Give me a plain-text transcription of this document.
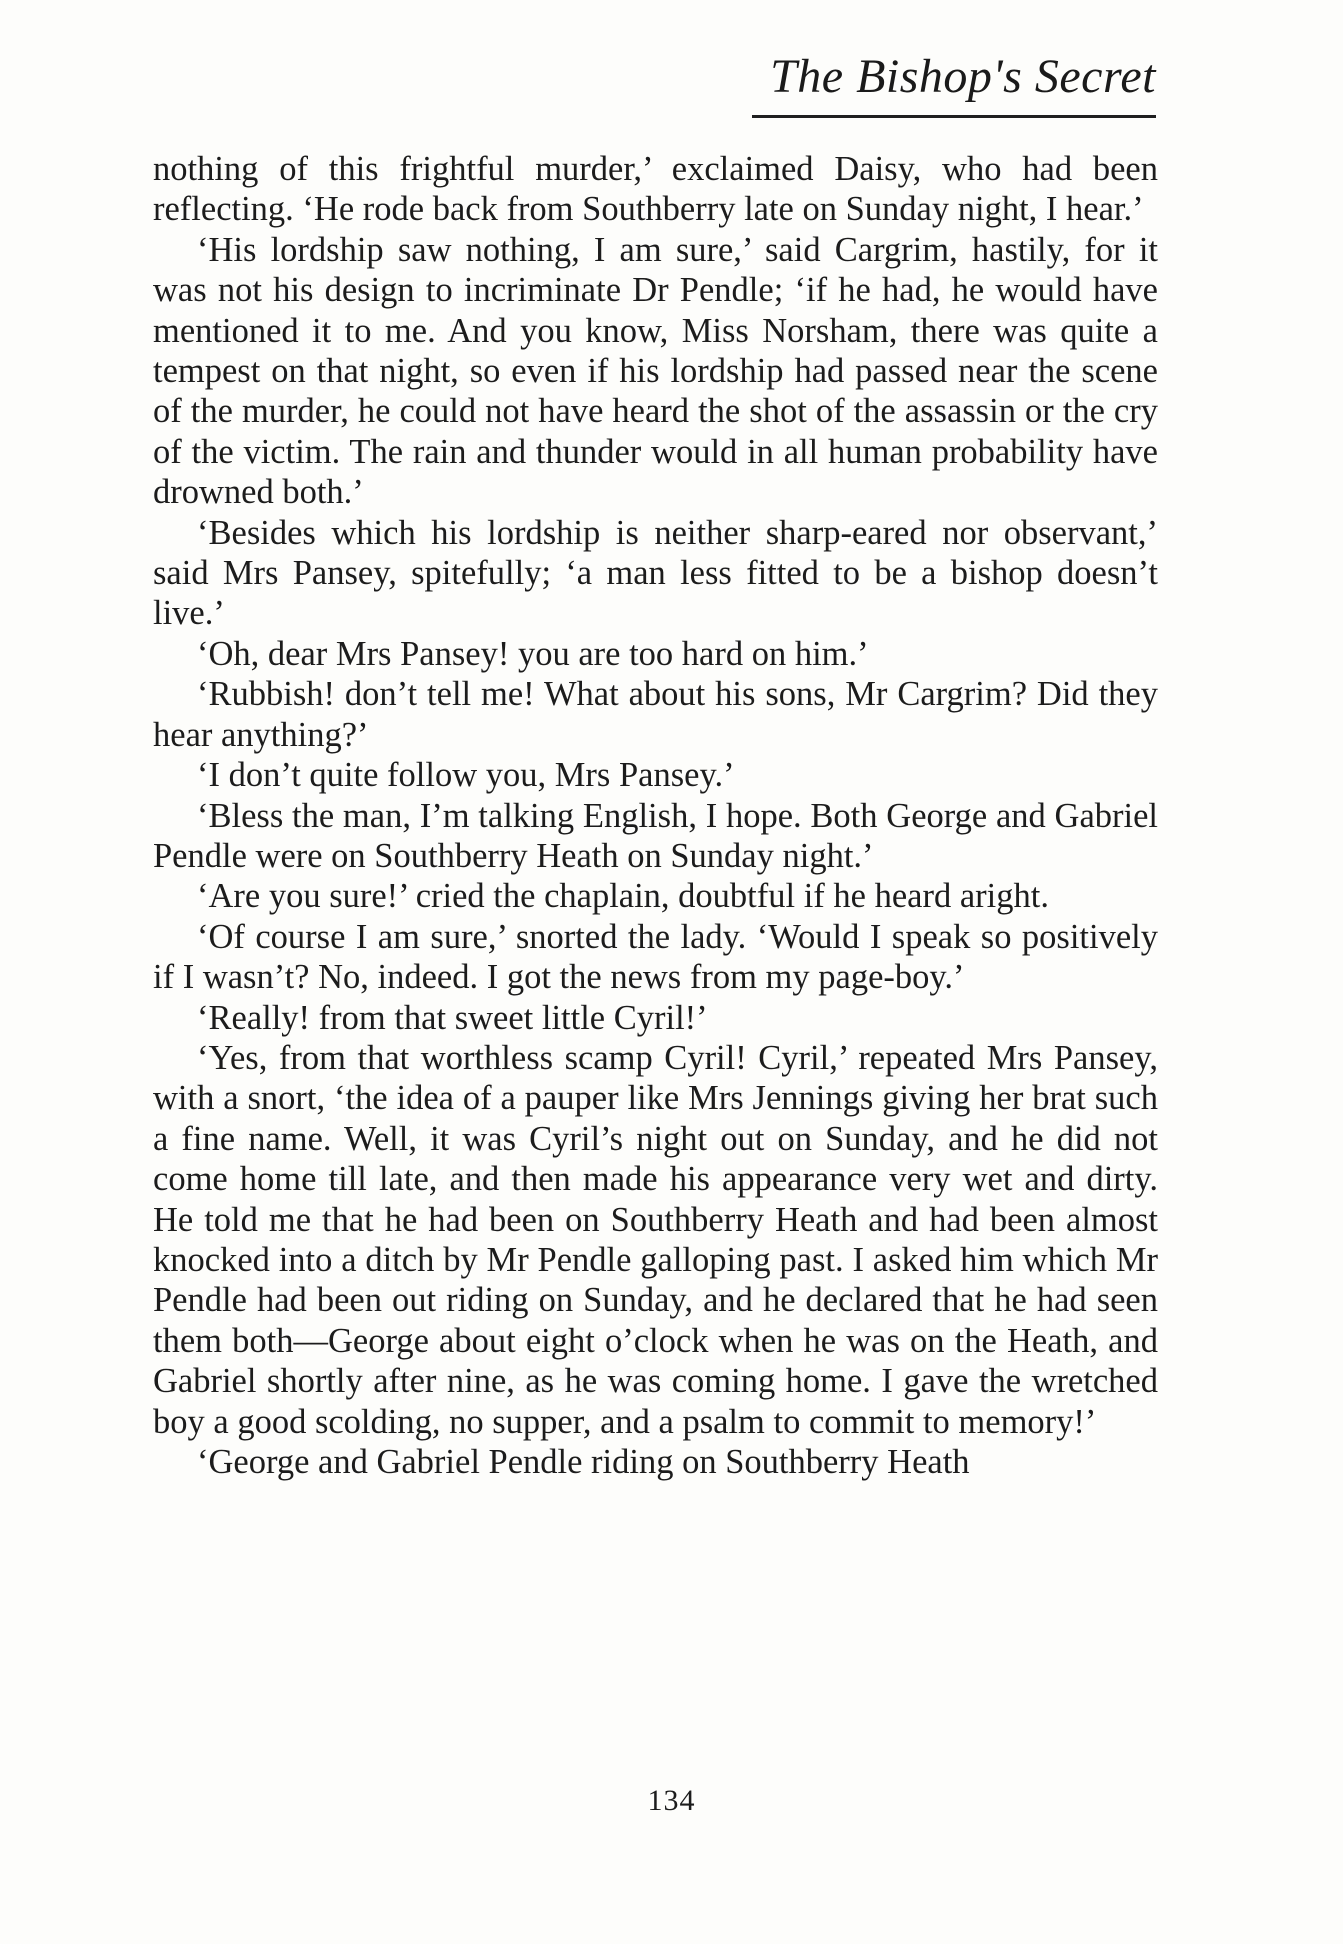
The Bishop's Secret

nothing of this frightful murder,’ exclaimed Daisy, who had been reflecting. ‘He rode back from Southberry late on Sunday night, I hear.’

‘His lordship saw nothing, I am sure,’ said Cargrim, hastily, for it was not his design to incriminate Dr Pendle; ‘if he had, he would have mentioned it to me. And you know, Miss Norsham, there was quite a tempest on that night, so even if his lordship had passed near the scene of the murder, he could not have heard the shot of the assassin or the cry of the victim. The rain and thunder would in all human probability have drowned both.’

‘Besides which his lordship is neither sharp-eared nor observant,’ said Mrs Pansey, spitefully; ‘a man less fitted to be a bishop doesn’t live.’

‘Oh, dear Mrs Pansey! you are too hard on him.’

‘Rubbish! don’t tell me! What about his sons, Mr Cargrim? Did they hear anything?’

‘I don’t quite follow you, Mrs Pansey.’

‘Bless the man, I’m talking English, I hope. Both George and Gabriel Pendle were on Southberry Heath on Sunday night.’

‘Are you sure!’ cried the chaplain, doubtful if he heard aright.

‘Of course I am sure,’ snorted the lady. ‘Would I speak so positively if I wasn’t? No, indeed. I got the news from my page-boy.’

‘Really! from that sweet little Cyril!’

‘Yes, from that worthless scamp Cyril! Cyril,’ repeated Mrs Pansey, with a snort, ‘the idea of a pauper like Mrs Jennings giving her brat such a fine name. Well, it was Cyril’s night out on Sunday, and he did not come home till late, and then made his appearance very wet and dirty. He told me that he had been on Southberry Heath and had been almost knocked into a ditch by Mr Pendle galloping past. I asked him which Mr Pendle had been out riding on Sunday, and he declared that he had seen them both—George about eight o’clock when he was on the Heath, and Gabriel shortly after nine, as he was coming home. I gave the wretched boy a good scolding, no supper, and a psalm to commit to memory!’

‘George and Gabriel Pendle riding on Southberry Heath

134
